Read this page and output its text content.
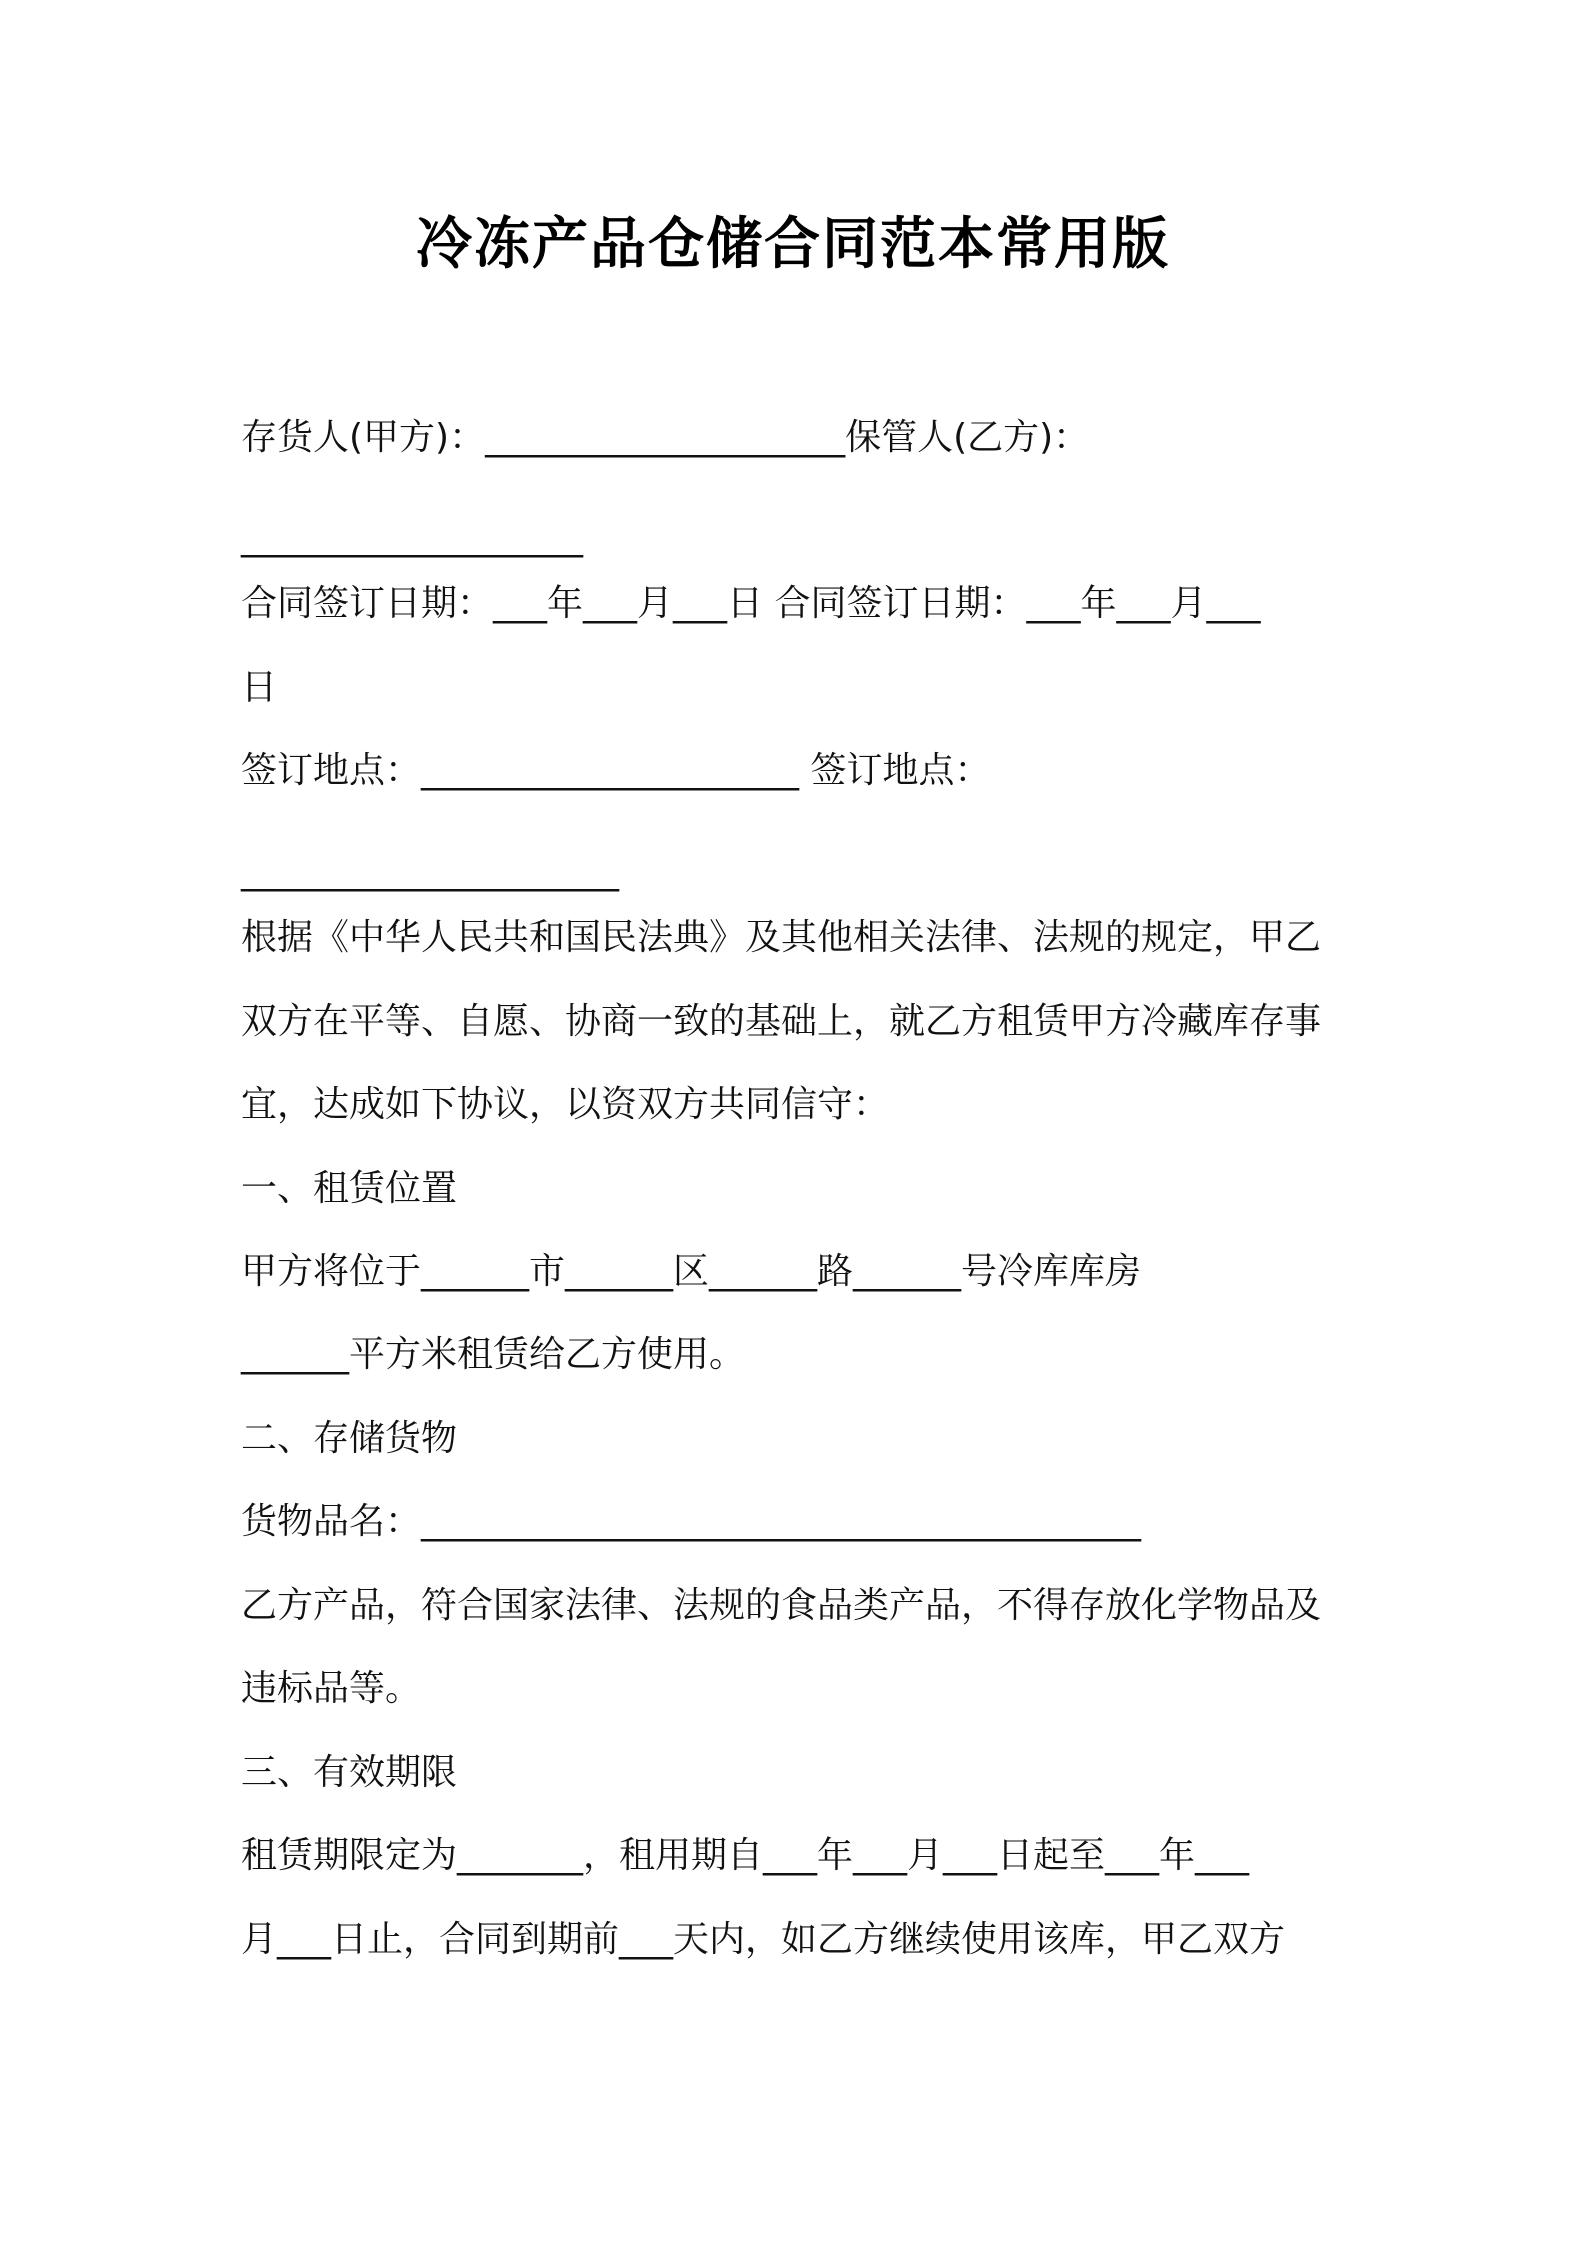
冷冻产品仓储合同范本常用版
存货人(甲方)：____________________保管人(乙方)：
___________________
合同签订日期：___年___月___日 合同签订日期：___年___月___
日
签订地点：_____________________ 签订地点：
_____________________
根据《中华人民共和国民法典》及其他相关法律、法规的规定，甲乙
双方在平等、自愿、协商一致的基础上，就乙方租赁甲方冷藏库存事
宜，达成如下协议，以资双方共同信守：
一、租赁位置
甲方将位于______市______区______路______号冷库库房
______平方米租赁给乙方使用。
二、存储货物
货物品名：________________________________________
乙方产品，符合国家法律、法规的食品类产品，不得存放化学物品及
违标品等。
三、有效期限
租赁期限定为_______，租用期自___年___月___日起至___年___
月___日止，合同到期前___天内，如乙方继续使用该库，甲乙双方
